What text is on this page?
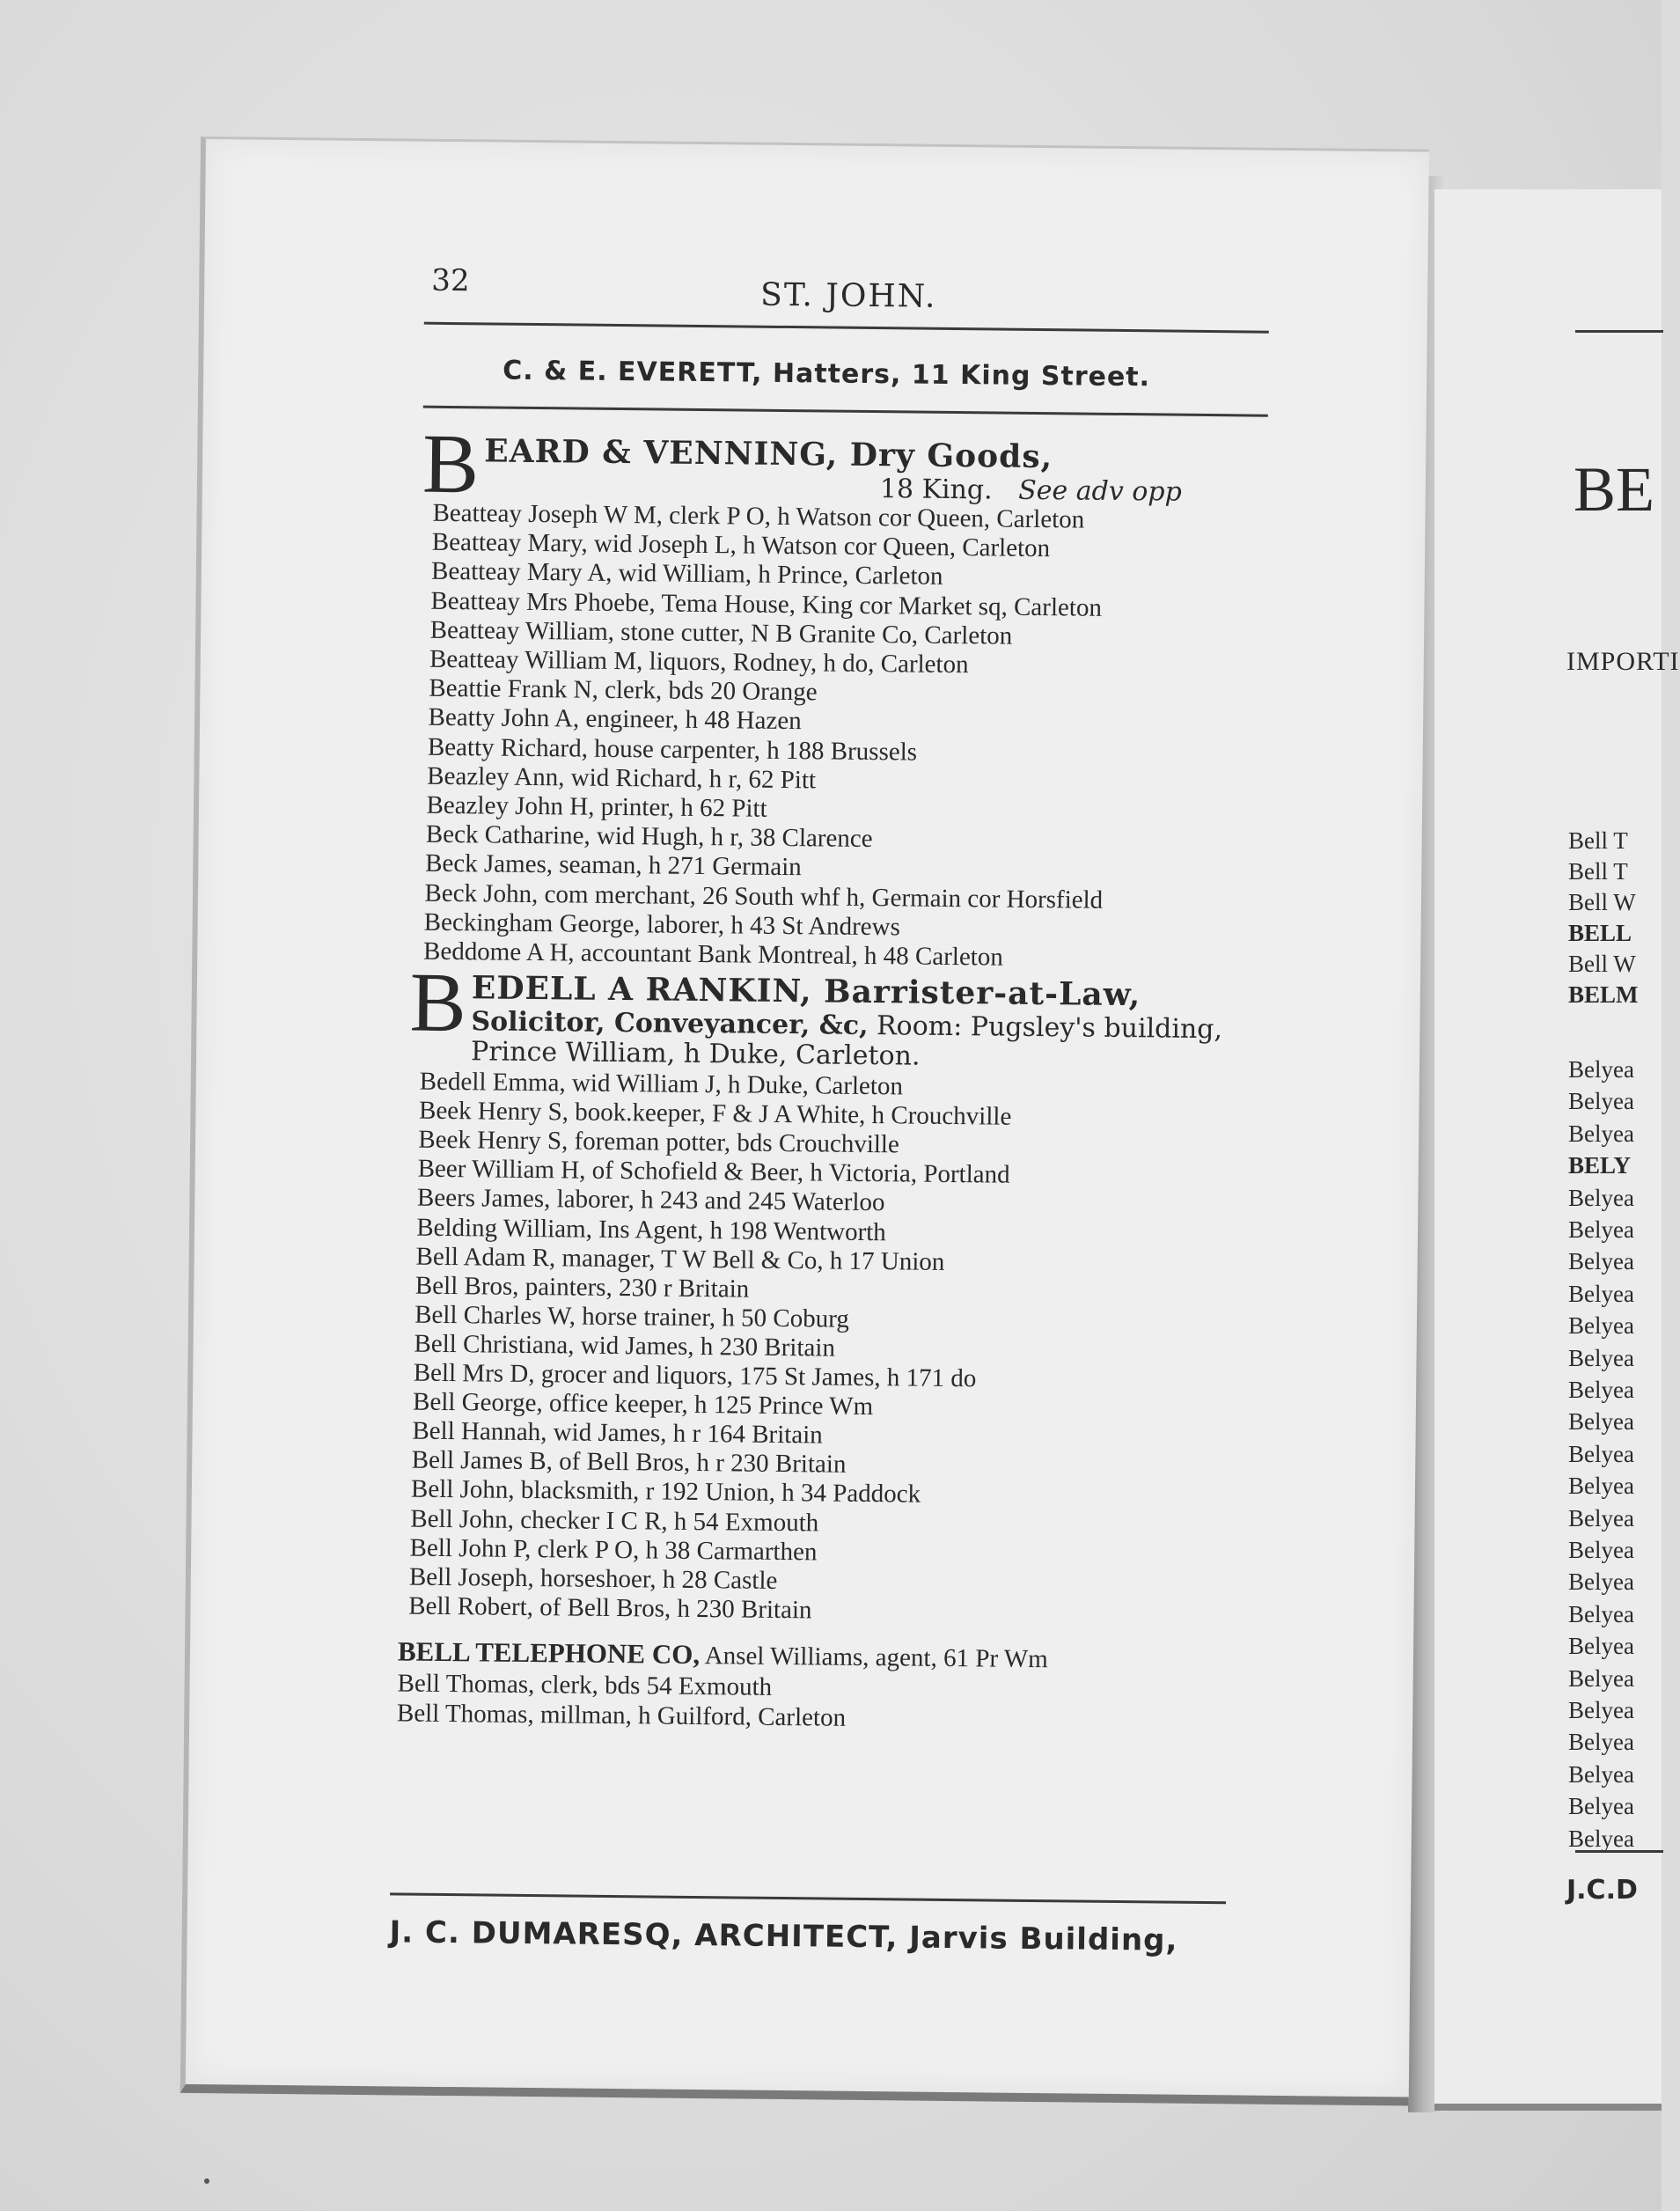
BE
IMPORTI
Bell T
Bell T
Bell W
BELL
Bell W
BELM
Belyea
Belyea
Belyea
BELY
Belyea
Belyea
Belyea
Belyea
Belyea
Belyea
Belyea
Belyea
Belyea
Belyea
Belyea
Belyea
Belyea
Belyea
Belyea
Belyea
Belyea
Belyea
Belyea
Belyea
Belyea
J.C.D
32	ST. JOHN.
C. & E. EVERETT, Hatters, 11 King Street.
B EARD & VENNING, Dry Goods,
18 King. See adv opp
Beatteay Joseph W M, clerk P O, h Watson cor Queen, Carleton
Beatteay Mary, wid Joseph L, h Watson cor Queen, Carleton
Beatteay Mary A, wid William, h Prince, Carleton
Beatteay Mrs Phoebe, Tema House, King cor Market sq, Carleton
Beatteay William, stone cutter, N B Granite Co, Carleton
Beatteay William M, liquors, Rodney, h do, Carleton
Beattie Frank N, clerk, bds 20 Orange
Beatty John A, engineer, h 48 Hazen
Beatty Richard, house carpenter, h 188 Brussels
Beazley Ann, wid Richard, h r, 62 Pitt
Beazley John H, printer, h 62 Pitt
Beck Catharine, wid Hugh, h r, 38 Clarence
Beck James, seaman, h 271 Germain
Beck John, com merchant, 26 South whf h, Germain cor Horsfield
Beckingham George, laborer, h 43 St Andrews
Beddome A H, accountant Bank Montreal, h 48 Carleton
B EDELL A RANKIN, Barrister-at-Law,
Solicitor, Conveyancer, &c, Room: Pugsley's building,
Prince William, h Duke, Carleton.
Bedell Emma, wid William J, h Duke, Carleton
Beek Henry S, book.keeper, F & J A White, h Crouchville
Beek Henry S, foreman potter, bds Crouchville
Beer William H, of Schofield & Beer, h Victoria, Portland
Beers James, laborer, h 243 and 245 Waterloo
Belding William, Ins Agent, h 198 Wentworth
Bell Adam R, manager, T W Bell & Co, h 17 Union
Bell Bros, painters, 230 r Britain
Bell Charles W, horse trainer, h 50 Coburg
Bell Christiana, wid James, h 230 Britain
Bell Mrs D, grocer and liquors, 175 St James, h 171 do
Bell George, office keeper, h 125 Prince Wm
Bell Hannah, wid James, h r 164 Britain
Bell James B, of Bell Bros, h r 230 Britain
Bell John, blacksmith, r 192 Union, h 34 Paddock
Bell John, checker I C R, h 54 Exmouth
Bell John P, clerk P O, h 38 Carmarthen
Bell Joseph, horseshoer, h 28 Castle
Bell Robert, of Bell Bros, h 230 Britain
BELL TELEPHONE CO, Ansel Williams, agent, 61 Pr Wm
Bell Thomas, clerk, bds 54 Exmouth
Bell Thomas, millman, h Guilford, Carleton
J. C. DUMARESQ, ARCHITECT, Jarvis Building,
